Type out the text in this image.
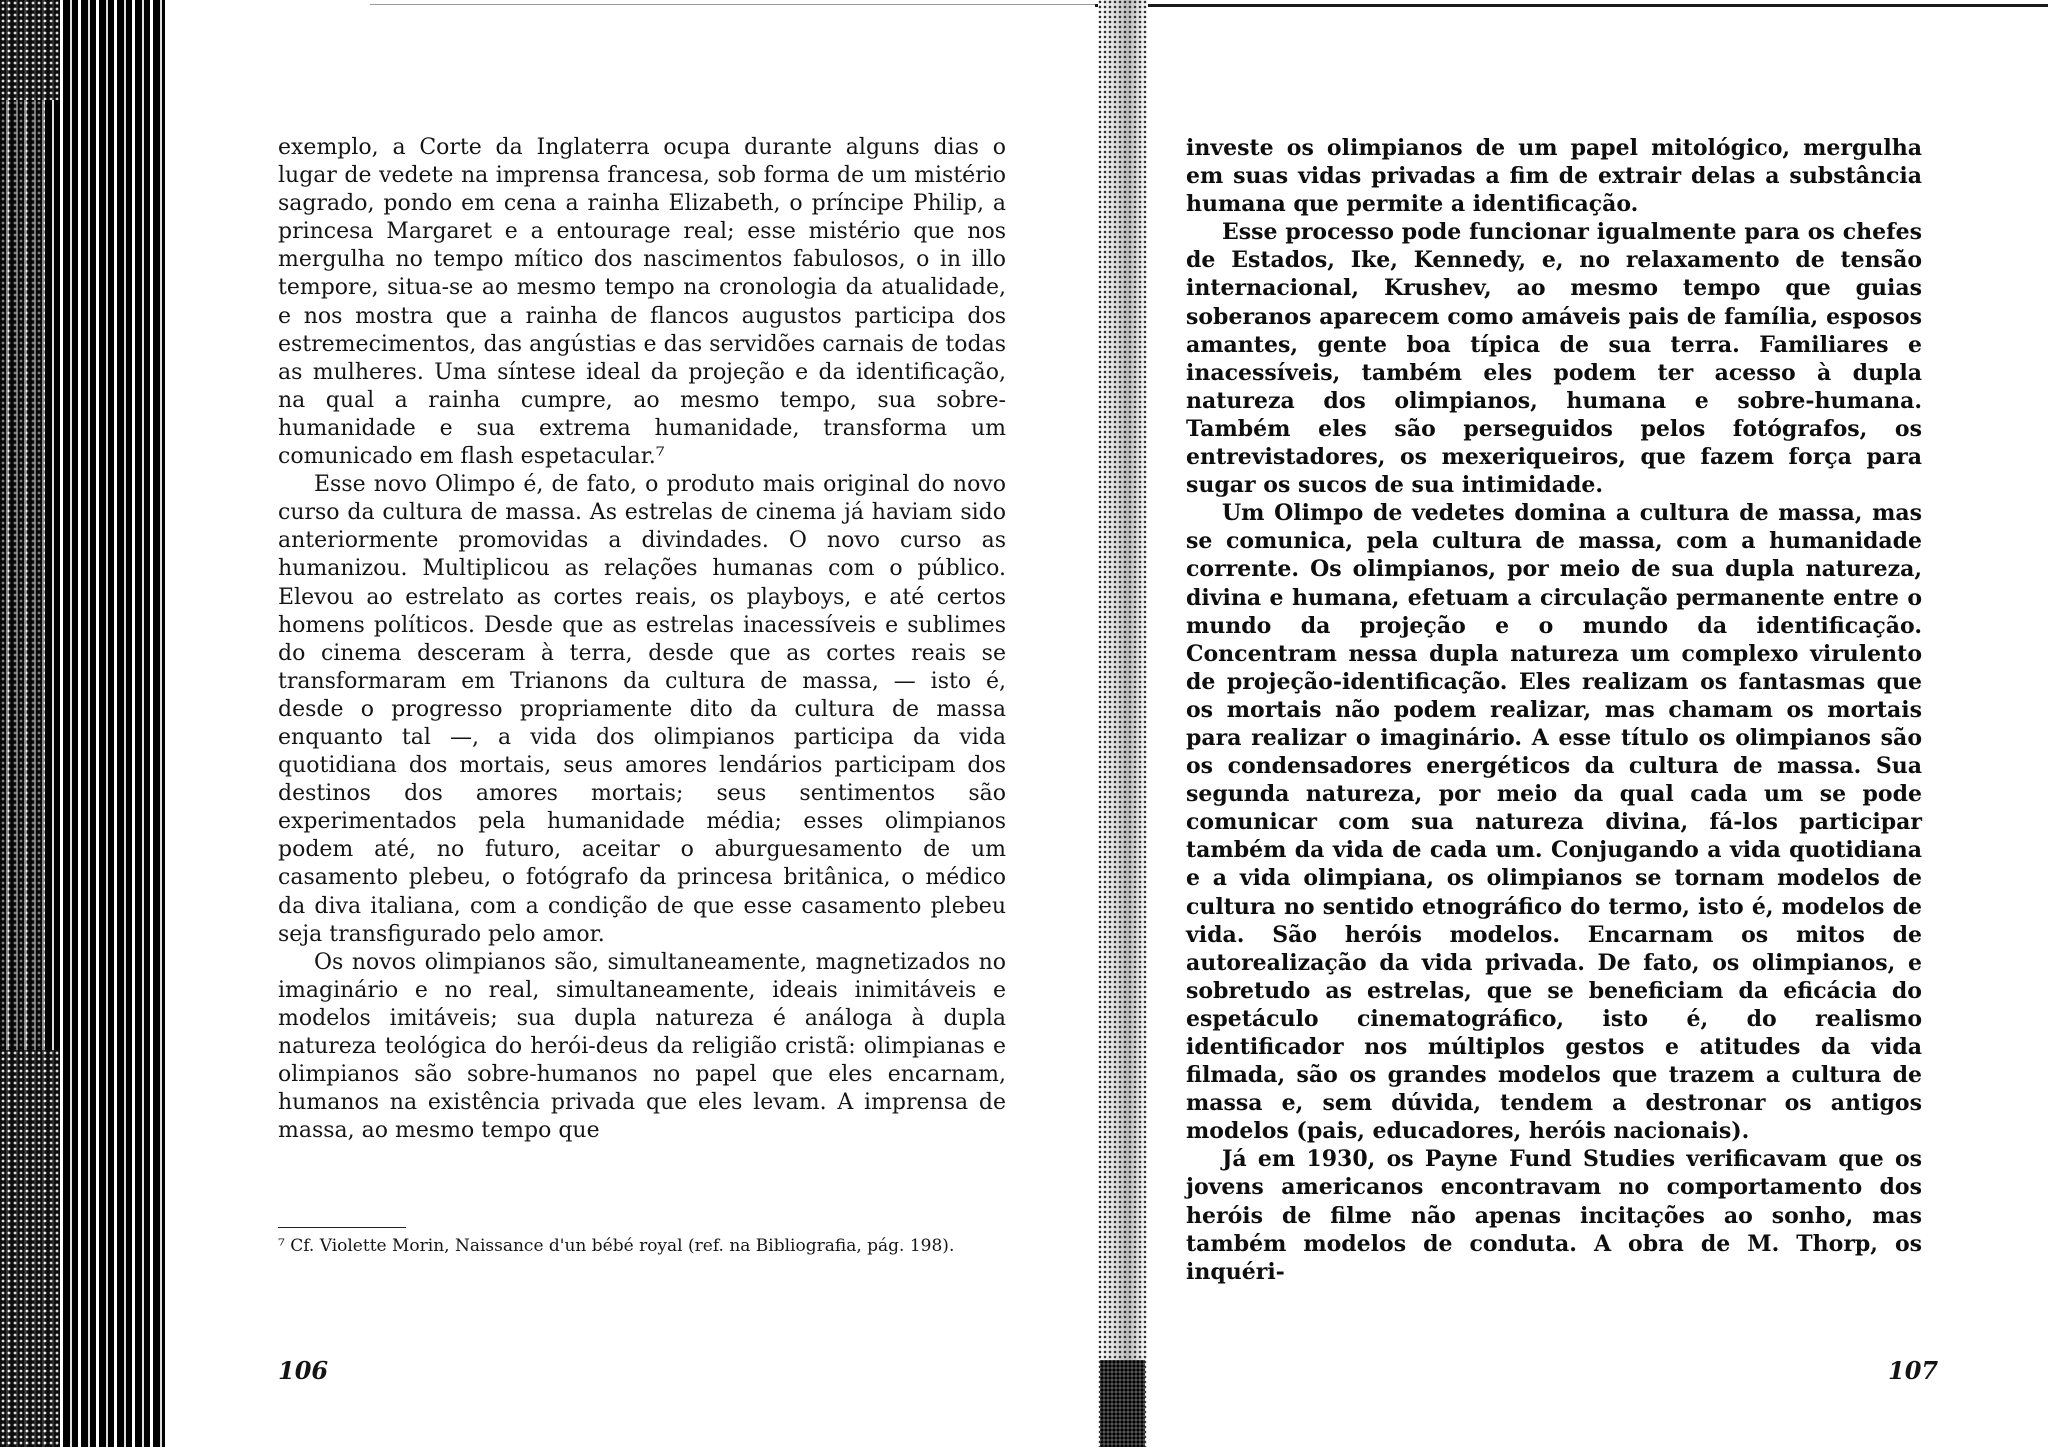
exemplo, a Corte da Inglaterra ocupa durante alguns dias o lugar de vedete na imprensa francesa, sob forma de um mistério sagrado, pondo em cena a rainha Elizabeth, o príncipe Philip, a princesa Margaret e a entourage real; esse mistério que nos mergulha no tempo mítico dos nascimentos fabulosos, o in illo tempore, situa-se ao mesmo tempo na cronologia da atualidade, e nos mostra que a rainha de flancos augustos participa dos estremecimentos, das angústias e das servidões carnais de todas as mulheres. Uma síntese ideal da projeção e da identificação, na qual a rainha cumpre, ao mesmo tempo, sua sobre-humanidade e sua extrema humanidade, transforma um comunicado em flash espetacular.⁷

Esse novo Olimpo é, de fato, o produto mais original do novo curso da cultura de massa. As estrelas de cinema já haviam sido anteriormente promovidas a divindades. O novo curso as humanizou. Multiplicou as relações humanas com o público. Elevou ao estrelato as cortes reais, os playboys, e até certos homens políticos. Desde que as estrelas inacessíveis e sublimes do cinema desceram à terra, desde que as cortes reais se transformaram em Trianons da cultura de massa, — isto é, desde o progresso propriamente dito da cultura de massa enquanto tal —, a vida dos olimpianos participa da vida quotidiana dos mortais, seus amores lendários participam dos destinos dos amores mortais; seus sentimentos são experimentados pela humanidade média; esses olimpianos podem até, no futuro, aceitar o aburguesamento de um casamento plebeu, o fotógrafo da princesa britânica, o médico da diva italiana, com a condição de que esse casamento plebeu seja transfigurado pelo amor.

Os novos olimpianos são, simultaneamente, magnetizados no imaginário e no real, simultaneamente, ideais inimitáveis e modelos imitáveis; sua dupla natureza é análoga à dupla natureza teológica do herói-deus da religião cristã: olimpianas e olimpianos são sobre-humanos no papel que eles encarnam, humanos na existência privada que eles levam. A imprensa de massa, ao mesmo tempo que

⁷ Cf. Violette Morin, Naissance d'un bébé royal (ref. na Bibliografia, pág. 198).
106

investe os olimpianos de um papel mitológico, mergulha em suas vidas privadas a fim de extrair delas a substância humana que permite a identificação.

Esse processo pode funcionar igualmente para os chefes de Estados, Ike, Kennedy, e, no relaxamento de tensão internacional, Krushev, ao mesmo tempo que guias soberanos aparecem como amáveis pais de família, esposos amantes, gente boa típica de sua terra. Familiares e inacessíveis, também eles podem ter acesso à dupla natureza dos olimpianos, humana e sobre-humana. Também eles são perseguidos pelos fotógrafos, os entrevistadores, os mexeriqueiros, que fazem força para sugar os sucos de sua intimidade.

Um Olimpo de vedetes domina a cultura de massa, mas se comunica, pela cultura de massa, com a humanidade corrente. Os olimpianos, por meio de sua dupla natureza, divina e humana, efetuam a circulação permanente entre o mundo da projeção e o mundo da identificação. Concentram nessa dupla natureza um complexo virulento de projeção-identificação. Eles realizam os fantasmas que os mortais não podem realizar, mas chamam os mortais para realizar o imaginário. A esse título os olimpianos são os condensadores energéticos da cultura de massa. Sua segunda natureza, por meio da qual cada um se pode comunicar com sua natureza divina, fá-los participar também da vida de cada um. Conjugando a vida quotidiana e a vida olimpiana, os olimpianos se tornam modelos de cultura no sentido etnográfico do termo, isto é, modelos de vida. São heróis modelos. Encarnam os mitos de autorealização da vida privada. De fato, os olimpianos, e sobretudo as estrelas, que se beneficiam da eficácia do espetáculo cinematográfico, isto é, do realismo identificador nos múltiplos gestos e atitudes da vida filmada, são os grandes modelos que trazem a cultura de massa e, sem dúvida, tendem a destronar os antigos modelos (pais, educadores, heróis nacionais).

Já em 1930, os Payne Fund Studies verificavam que os jovens americanos encontravam no comportamento dos heróis de filme não apenas incitações ao sonho, mas também modelos de conduta. A obra de M. Thorp, os inquéri-

107
